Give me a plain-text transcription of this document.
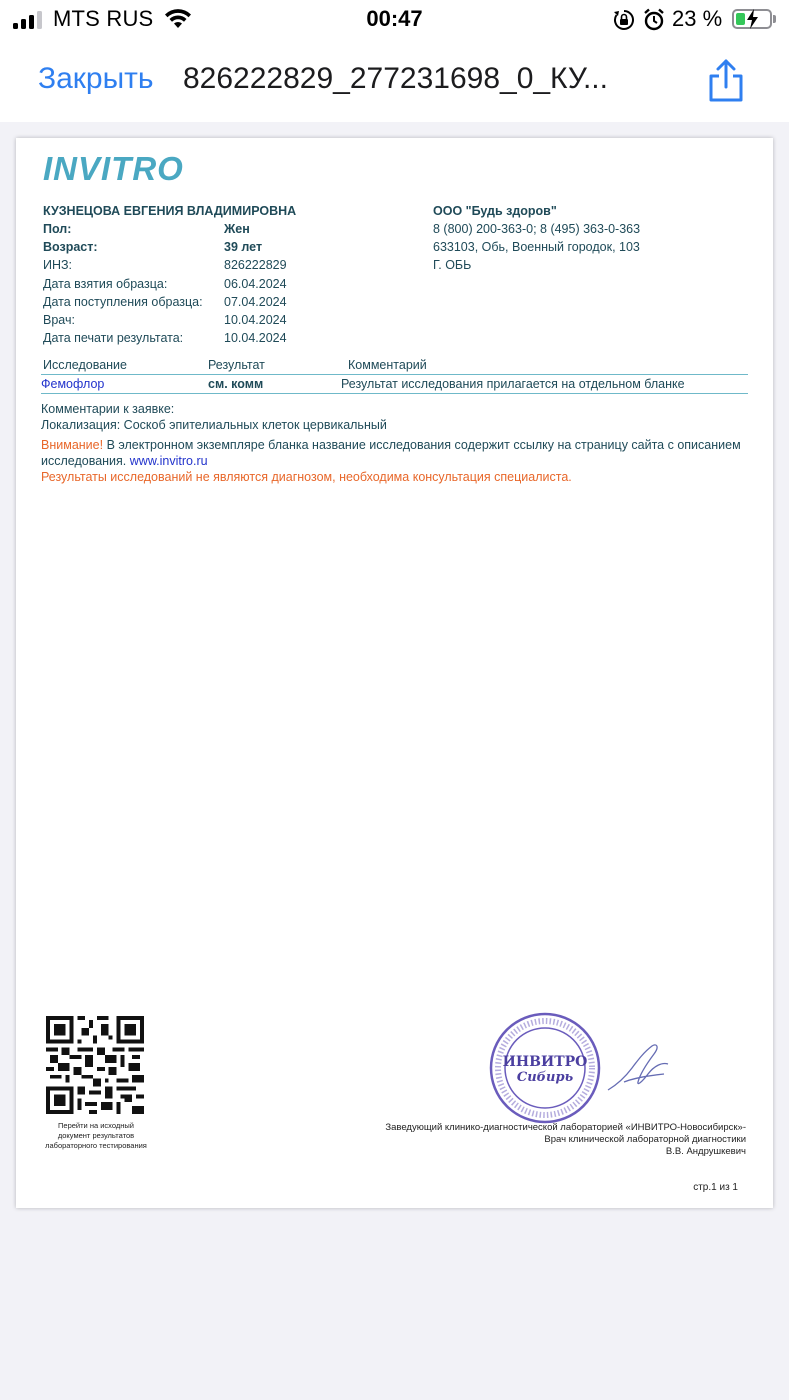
MTS RUS	00:47	23 %
Закрыть 826222829_277231698_0_КУ...
INVITRO
КУЗНЕЦОВА ЕВГЕНИЯ ВЛАДИМИРОВНА
Пол:	Жен
Возраст:	39 лет
ИНЗ:	826222829
Дата взятия образца:	06.04.2024
Дата поступления образца: 07.04.2024
Врач:	10.04.2024
Дата печати результата:	10.04.2024
ООО "Будь здоров"
8 (800) 200-363-0; 8 (495) 363-0-363
633103, Обь, Военный городок, 103
Г. ОБЬ
Исследование	Результат	Комментарий
Фемофлор	см. комм	Результат исследования прилагается на отдельном бланке
Комментарии к заявке:
Локализация: Соскоб эпителиальных клеток цервикальный
Внимание! В электронном экземпляре бланка название исследования содержит ссылку на страницу сайта с описанием
исследования. www.invitro.ru
Результаты исследований не являются диагнозом, необходима консультация специалиста.
Перейти на исходный
документ результатов
лабораторного тестирования
ИНВИТРО
Сибирь
Заведующий клинико-диагностической лабораторией «ИНВИТРО-Новосибирск»-
Врач клинической лабораторной диагностики
В.В. Андрушкевич
стр.1 из 1
